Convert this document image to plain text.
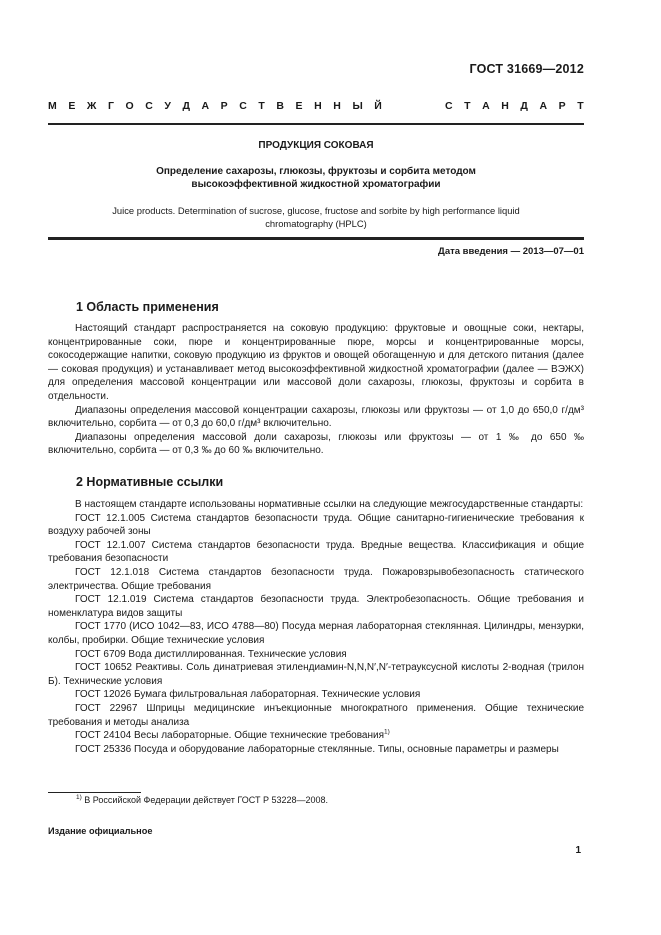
ГОСТ 31669—2012
М Е Ж Г О С У Д А Р С Т В Е Н Н Ы Й	С Т А Н Д А Р Т
ПРОДУКЦИЯ СОКОВАЯ
Определение сахарозы, глюкозы, фруктозы и сорбита методом
высокоэффективной жидкостной хроматографии
Juice products. Determination of sucrose, glucose, fructose and sorbite by high performance liquid
chromatography (HPLC)
Дата введения — 2013—07—01
1 Область применения

Настоящий стандарт распространяется на соковую продукцию: фруктовые и овощные соки, нектары, концентрированные соки, пюре и концентрированные пюре, морсы и концентрированные морсы, сокосодержащие напитки, соковую продукцию из фруктов и овощей обогащенную и для детского питания (далее — соковая продукция) и устанавливает метод высокоэффективной жидкостной хроматографии (далее — ВЭЖХ) для определения массовой концентрации или массовой доли сахарозы, глюкозы, фруктозы и сорбита в отдельности.

Диапазоны определения массовой концентрации сахарозы, глюкозы или фруктозы — от 1,0 до 650,0 г/дм³ включительно, сорбита — от 0,3 до 60,0 г/дм³ включительно.

Диапазоны определения массовой доли сахарозы, глюкозы или фруктозы — от 1 ‰ до 650 ‰ включительно, сорбита — от 0,3 ‰ до 60 ‰ включительно.

2 Нормативные ссылки

В настоящем стандарте использованы нормативные ссылки на следующие межгосударственные стандарты:

ГОСТ 12.1.005 Система стандартов безопасности труда. Общие санитарно-гигиенические требования к воздуху рабочей зоны

ГОСТ 12.1.007 Система стандартов безопасности труда. Вредные вещества. Классификация и общие требования безопасности

ГОСТ 12.1.018 Система стандартов безопасности труда. Пожаровзрывобезопасность статического электричества. Общие требования

ГОСТ 12.1.019 Система стандартов безопасности труда. Электробезопасность. Общие требования и номенклатура видов защиты

ГОСТ 1770 (ИСО 1042—83, ИСО 4788—80) Посуда мерная лабораторная стеклянная. Цилиндры, мензурки, колбы, пробирки. Общие технические условия

ГОСТ 6709 Вода дистиллированная. Технические условия

ГОСТ 10652 Реактивы. Соль динатриевая этилендиамин-N,N,N′,N′-тетрауксусной кислоты 2-водная (трилон Б). Технические условия

ГОСТ 12026 Бумага фильтровальная лабораторная. Технические условия

ГОСТ 22967 Шприцы медицинские инъекционные многократного применения. Общие технические требования и методы анализа

ГОСТ 24104 Весы лабораторные. Общие технические требования$^{1)}$

ГОСТ 25336 Посуда и оборудование лабораторные стеклянные. Типы, основные параметры и размеры

$^{1)}$ В Российской Федерации действует ГОСТ Р 53228—2008.
Издание официальное
1
